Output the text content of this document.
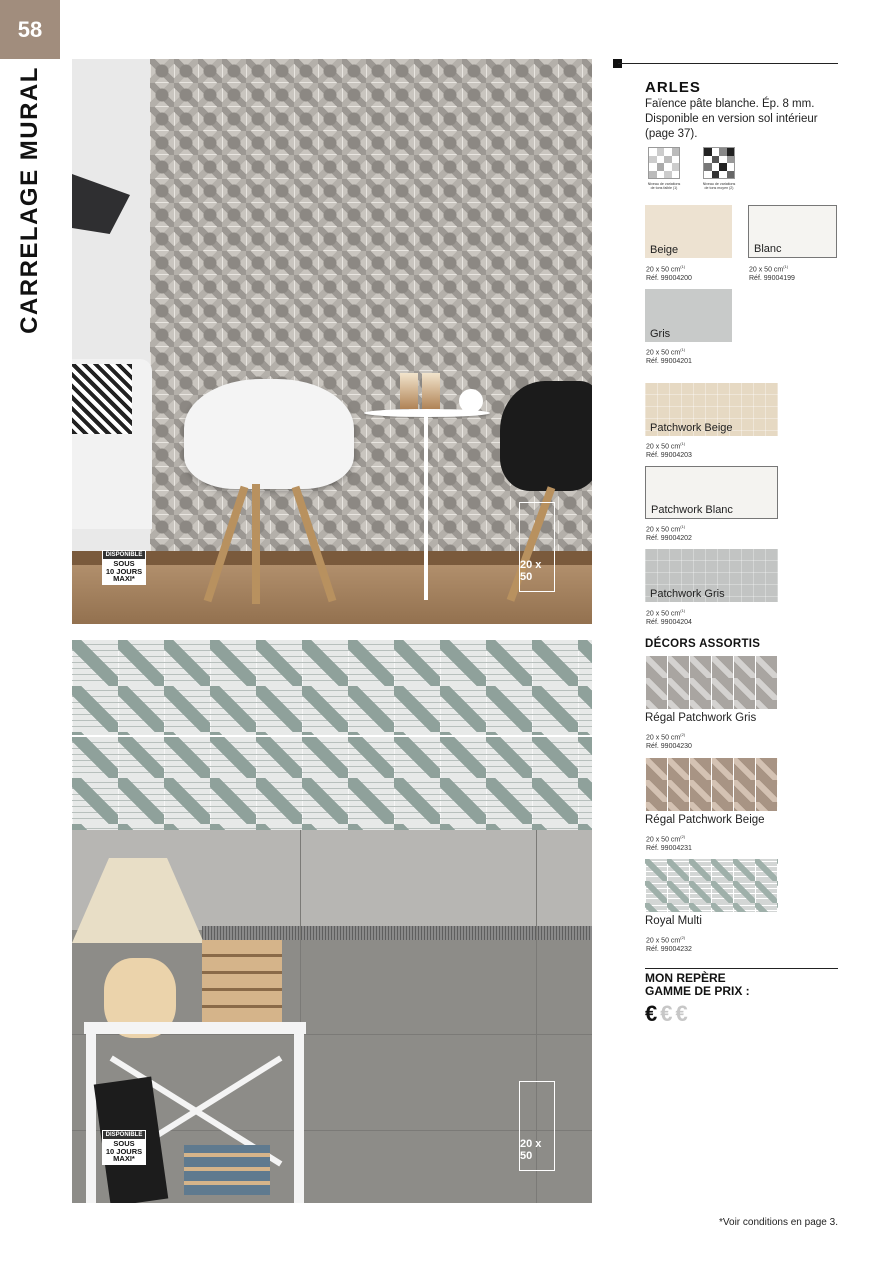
58
CARRELAGE MURAL
DISPONIBLE
SOUS
10 JOURS
MAXI*
20 x 50
DISPONIBLE
SOUS
10 JOURS
MAXI*
20 x 50
ARLES
Faïence pâte blanche. Ép. 8 mm. Disponible en version sol intérieur (page 37).
Niveau de variations de tons faible (1)
Niveau de variations de tons moyen (2)
Beige
20 x 50 $cm^{(1)}$
Réf. 99004200
Blanc
20 x 50 $cm^{(1)}$
Réf. 99004199
Gris
20 x 50 $cm^{(1)}$
Réf. 99004201
Patchwork Beige
20 x 50 $cm^{(1)}$
Réf. 99004203
Patchwork Blanc
20 x 50 $cm^{(1)}$
Réf. 99004202
Patchwork Gris
20 x 50 $cm^{(1)}$
Réf. 99004204
DÉCORS ASSORTIS
Régal Patchwork Gris
20 x 50 $cm^{(2)}$
Réf. 99004230
Régal Patchwork Beige
20 x 50 $cm^{(2)}$
Réf. 99004231
Royal Multi
20 x 50 $cm^{(2)}$
Réf. 99004232
MON REPÈRE
GAMME DE PRIX :
€€€
*Voir conditions en page 3.
